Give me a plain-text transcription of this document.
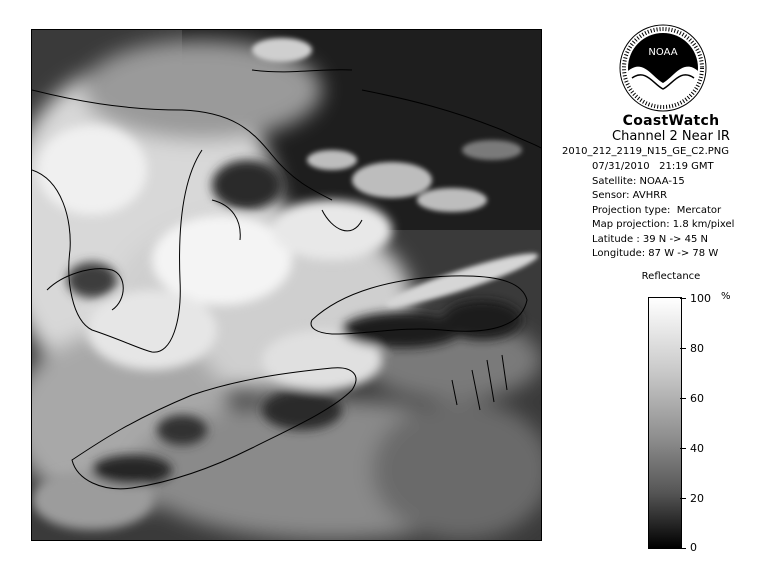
NOAA
CoastWatch
Channel 2 Near IR
2010_212_2119_N15_GE_C2.PNG
07/31/2010   21:19 GMT
Satellite: NOAA-15
Sensor: AVHRR
Projection type:  Mercator
Map projection: 1.8 km/pixel
Latitude : 39 N -> 45 N
Longitude: 87 W -> 78 W
Reflectance
%
100
80
60
40
20
0
